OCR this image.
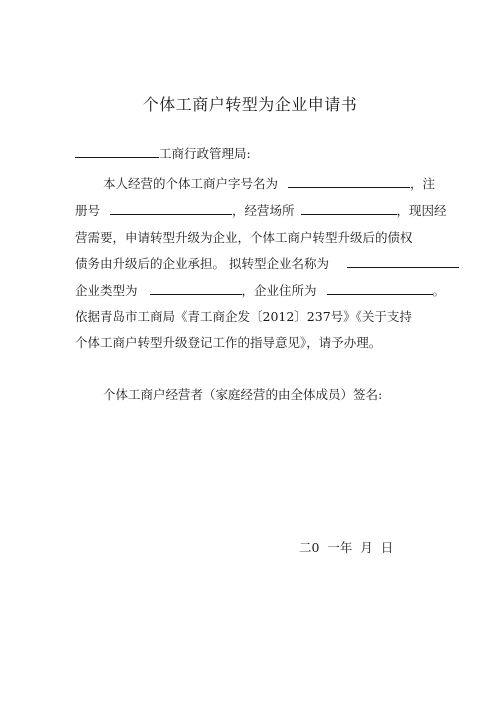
个体工商户转型为企业申请书
工商行政管理局:
本人经营的个体工商户字号名为	，注
册号	，经营场所	，现因经
营需要，申请转型升级为企业，个体工商户转型升级后的债权
债务由升级后的企业承担。 拟转型企业名称为
企业类型为	，企业住所为	。
依据青岛市工商局《青工商企发〔2012〕237号》《关于支持
个体工商户转型升级登记工作的指导意见》，请予办理。
个体工商户经营者（家庭经营的由全体成员）签名:
二0  一年  月  日
